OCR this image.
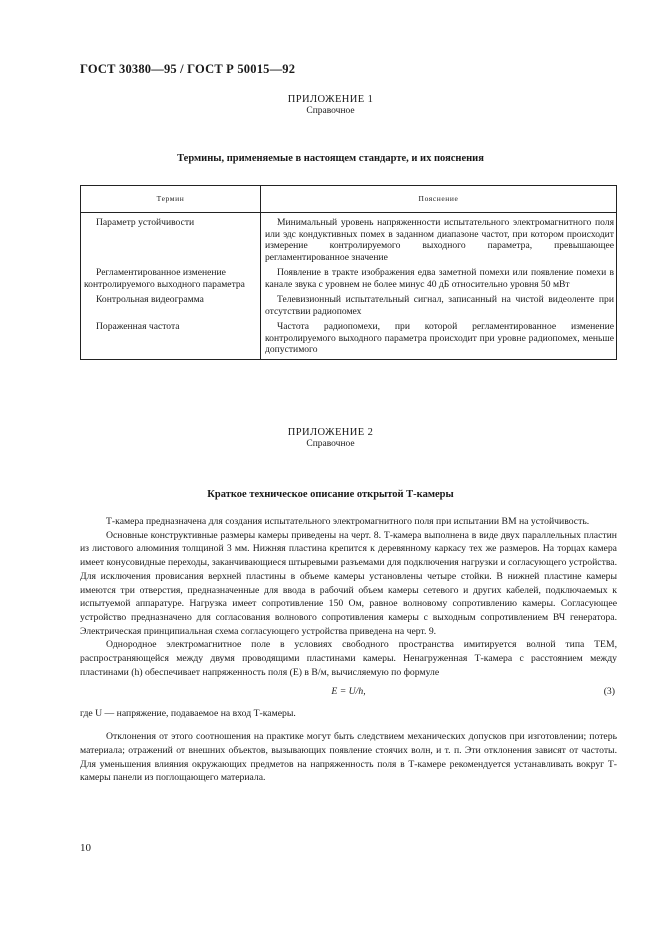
ГОСТ 30380—95 / ГОСТ Р 50015—92
ПРИЛОЖЕНИЕ 1
Справочное
Термины, применяемые в настоящем стандарте, и их пояснения
Термин	Пояснение

Параметр устойчивости	Минимальный уровень напряженности испытательного электромагнитного поля или эдс кондуктивных помех в заданном диапазоне частот, при котором происходит измерение контролируемого выходного параметра, превышающее регламентированное значение

Регламентированное изменение контролируемого выходного параметра	Появление в тракте изображения едва заметной помехи или появление помехи в канале звука с уровнем не более минус 40 дБ относительно уровня 50 мВт

Контрольная видеограмма	Телевизионный испытательный сигнал, записанный на чистой видеоленте при отсутствии радиопомех

Пораженная частота	Частота радиопомехи, при которой регламентированное изменение контролируемого выходного параметра происходит при уровне радиопомех, меньше допустимого
ПРИЛОЖЕНИЕ 2
Справочное
Краткое техническое описание открытой Т-камеры

Т-камера предназначена для создания испытательного электромагнитного поля при испытании ВМ на устойчивость.

Основные конструктивные размеры камеры приведены на черт. 8. Т-камера выполнена в виде двух параллельных пластин из листового алюминия толщиной 3 мм. Нижняя пластина крепится к деревянному каркасу тех же размеров. На торцах камера имеет конусовидные переходы, заканчивающиеся штыревыми разъемами для подключения нагрузки и согласующего устройства. Для исключения провисания верхней пластины в объеме камеры установлены четыре стойки. В нижней пластине камеры имеются три отверстия, предназначенные для ввода в рабочий объем камеры сетевого и других кабелей, подключаемых к испытуемой аппаратуре. Нагрузка имеет сопротивление 150 Ом, равное волновому сопротивлению камеры. Согласующее устройство предназначено для согласования волнового сопротивления камеры с выходным сопротивлением ВЧ генератора. Электрическая принципиальная схема согласующего устройства приведена на черт. 9.

Однородное электромагнитное поле в условиях свободного пространства имитируется волной типа ТЕМ, распространяющейся между двумя проводящими пластинами камеры. Ненагруженная Т-камера с расстоянием между пластинами (h) обеспечивает напряженность поля (E) в В/м, вычисляемую по формуле

E = U/h,	(3)

где U — напряжение, подаваемое на вход Т-камеры.

Отклонения от этого соотношения на практике могут быть следствием механических допусков при изготовлении; потерь материала; отражений от внешних объектов, вызывающих появление стоячих волн, и т. п. Эти отклонения зависят от частоты. Для уменьшения влияния окружающих предметов на напряженность поля в Т-камере рекомендуется устанавливать вокруг Т-камеры панели из поглощающего материала.

10
